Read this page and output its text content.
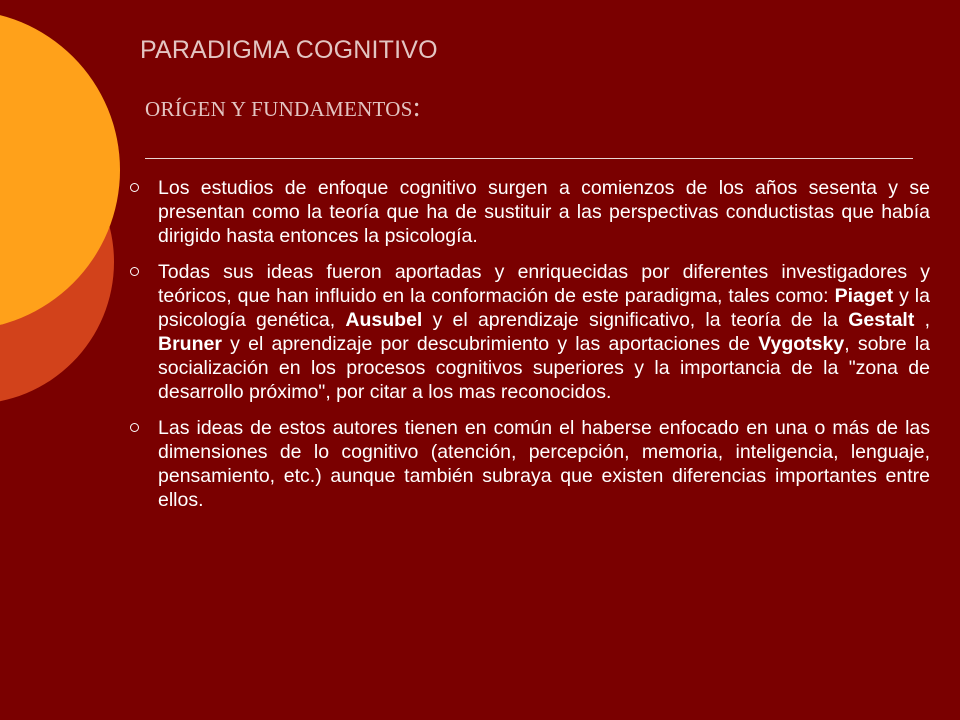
PARADIGMA COGNITIVO
ORÍGEN Y FUNDAMENTOS:
Los estudios de enfoque cognitivo surgen a comienzos de los años sesenta y se presentan como la teoría que ha de sustituir a las perspectivas conductistas que había dirigido hasta entonces la psicología.
Todas sus ideas fueron aportadas y enriquecidas por diferentes investigadores y teóricos, que han influido en la conformación de este paradigma, tales como: Piaget y la psicología genética, Ausubel y el aprendizaje significativo, la teoría de la Gestalt , Bruner y el aprendizaje por descubrimiento y las aportaciones de Vygotsky, sobre la socialización en los procesos cognitivos superiores y la importancia de la "zona de desarrollo próximo", por citar a los mas reconocidos.
Las ideas de estos autores tienen en común el haberse enfocado en una o más de las dimensiones de lo cognitivo (atención, percepción, memoria, inteligencia, lenguaje, pensamiento, etc.) aunque también subraya que existen diferencias importantes entre ellos.
